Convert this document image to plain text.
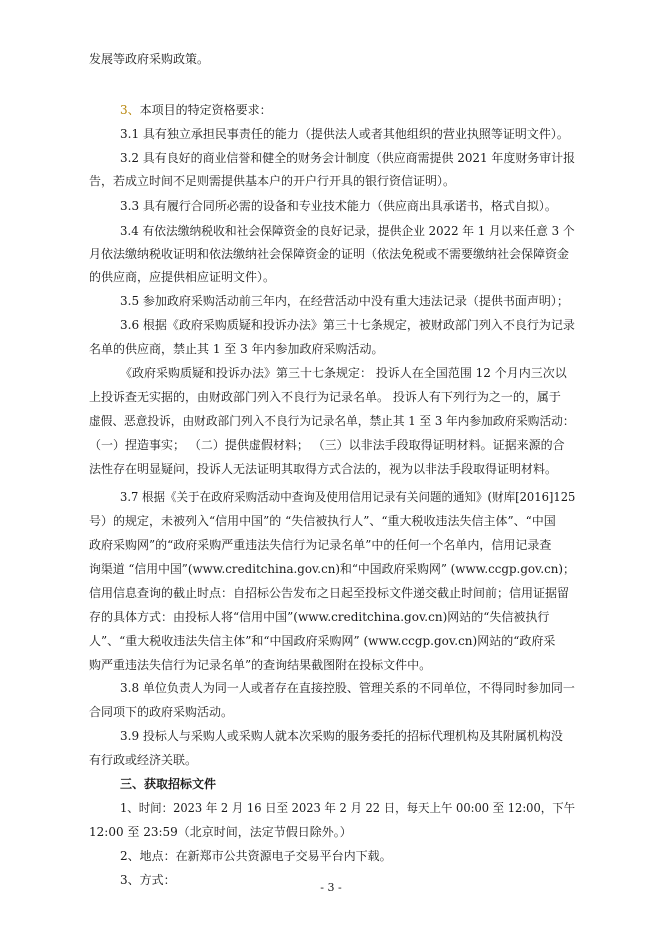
发展等政府采购政策。
3、本项目的特定资格要求：
3.1 具有独立承担民事责任的能力（提供法人或者其他组织的营业执照等证明文件）。
3.2 具有良好的商业信誉和健全的财务会计制度（供应商需提供 2021 年度财务审计报
告，若成立时间不足则需提供基本户的开户行开具的银行资信证明）。
3.3 具有履行合同所必需的设备和专业技术能力（供应商出具承诺书，格式自拟）。
3.4 有依法缴纳税收和社会保障资金的良好记录，提供企业 2022 年 1 月以来任意 3 个
月依法缴纳税收证明和依法缴纳社会保障资金的证明（依法免税或不需要缴纳社会保障资金
的供应商，应提供相应证明文件）。
3.5 参加政府采购活动前三年内，在经营活动中没有重大违法记录（提供书面声明）；
3.6 根据《政府采购质疑和投诉办法》第三十七条规定，被财政部门列入不良行为记录
名单的供应商，禁止其 1 至 3 年内参加政府采购活动。
《政府采购质疑和投诉办法》第三十七条规定： 投诉人在全国范围 12 个月内三次以
上投诉查无实据的，由财政部门列入不良行为记录名单。 投诉人有下列行为之一的，属于
虚假、恶意投诉，由财政部门列入不良行为记录名单，禁止其 1 至 3 年内参加政府采购活动：
（一）捏造事实； （二）提供虚假材料； （三）以非法手段取得证明材料。证据来源的合
法性存在明显疑问，投诉人无法证明其取得方式合法的，视为以非法手段取得证明材料。
3.7 根据《关于在政府采购活动中查询及使用信用记录有关问题的通知》(财库[2016]125
号）的规定，未被列入“信用中国”的 “失信被执行人”、“重大税收违法失信主体”、“中国
政府采购网”的“政府采购严重违法失信行为记录名单”中的任何一个名单内，信用记录查
询渠道 “信用中国”(www.creditchina.gov.cn)和“中国政府采购网” (www.ccgp.gov.cn)；
信用信息查询的截止时点：自招标公告发布之日起至投标文件递交截止时间前；信用证据留
存的具体方式：由投标人将“信用中国”(www.creditchina.gov.cn)网站的“失信被执行
人”、“重大税收违法失信主体”和“中国政府采购网” (www.ccgp.gov.cn)网站的“政府采
购严重违法失信行为记录名单”的查询结果截图附在投标文件中。
3.8 单位负责人为同一人或者存在直接控股、管理关系的不同单位，不得同时参加同一
合同项下的政府采购活动。
3.9 投标人与采购人或采购人就本次采购的服务委托的招标代理机构及其附属机构没
有行政或经济关联。
三、获取招标文件
1、时间：2023 年 2 月 16 日至 2023 年 2 月 22 日，每天上午 00:00 至 12:00，下午
12:00 至 23:59（北京时间，法定节假日除外。）
2、地点：在新郑市公共资源电子交易平台内下载。
3、方式：
- 3 -
